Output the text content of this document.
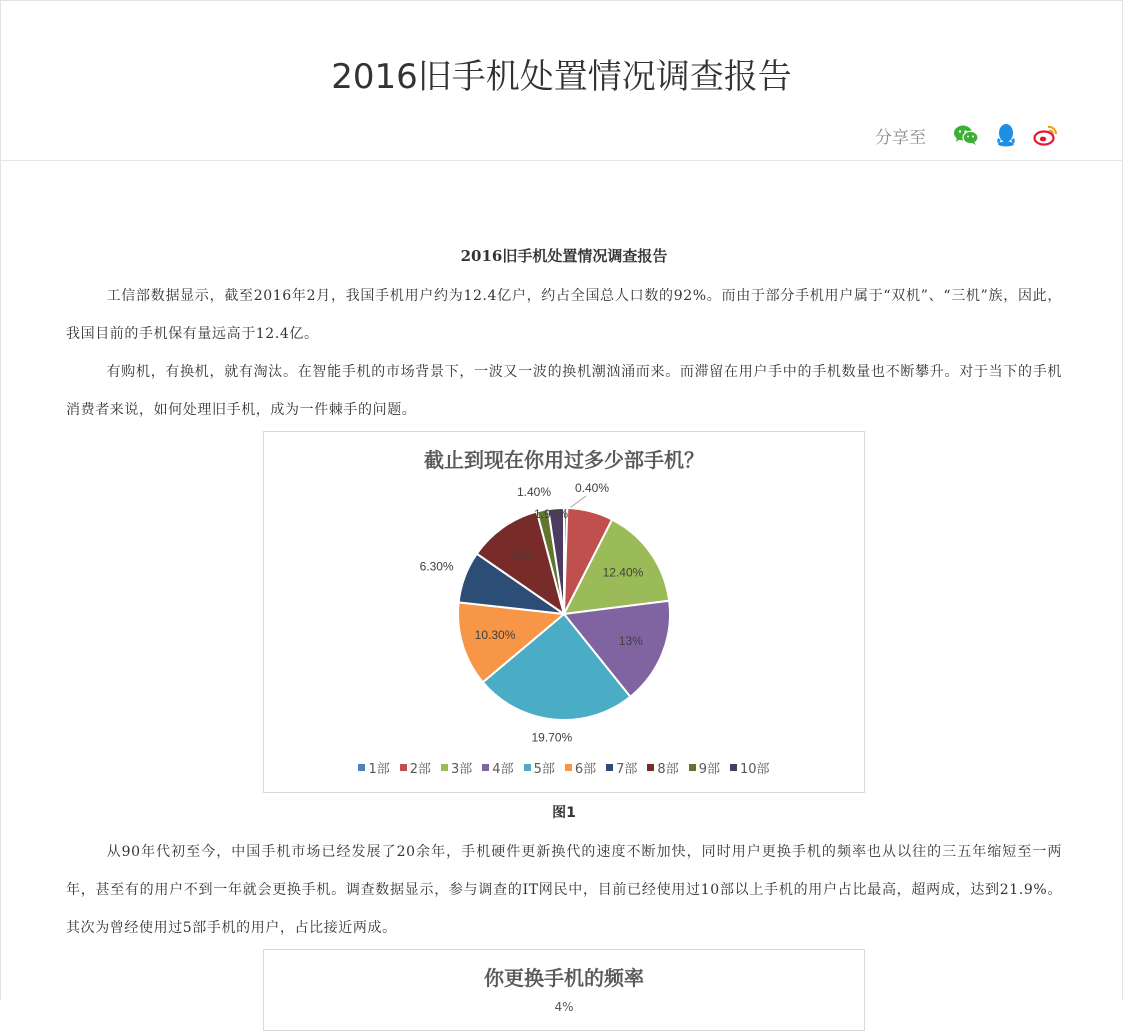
2016旧手机处置情况调查报告
分享至
2016旧手机处置情况调查报告

工信部数据显示，截至2016年2月，我国手机用户约为12.4亿户，约占全国总人口数的92%。而由于部分手机用户属于“双机”、“三机”族，因此，我国目前的手机保有量远高于12.4亿。

有购机，有换机，就有淘汰。在智能手机的市场背景下，一波又一波的换机潮汹涌而来。而滞留在用户手中的手机数量也不断攀升。对于当下的手机消费者来说，如何处理旧手机，成为一件棘手的问题。

截止到现在你用过多少部手机？
0.40%
12.40%
13%
19.70%
10.30%
6.30%
9%
1.40%
1.90%
1部 2部 3部 4部 5部 6部 7部 8部 9部 10部
图1

从90年代初至今，中国手机市场已经发展了20余年，手机硬件更新换代的速度不断加快，同时用户更换手机的频率也从以往的三五年缩短至一两年，甚至有的用户不到一年就会更换手机。调查数据显示，参与调查的IT网民中，目前已经使用过10部以上手机的用户占比最高，超两成，达到21.9%。其次为曾经使用过5部手机的用户，占比接近两成。

你更换手机的频率
4%
